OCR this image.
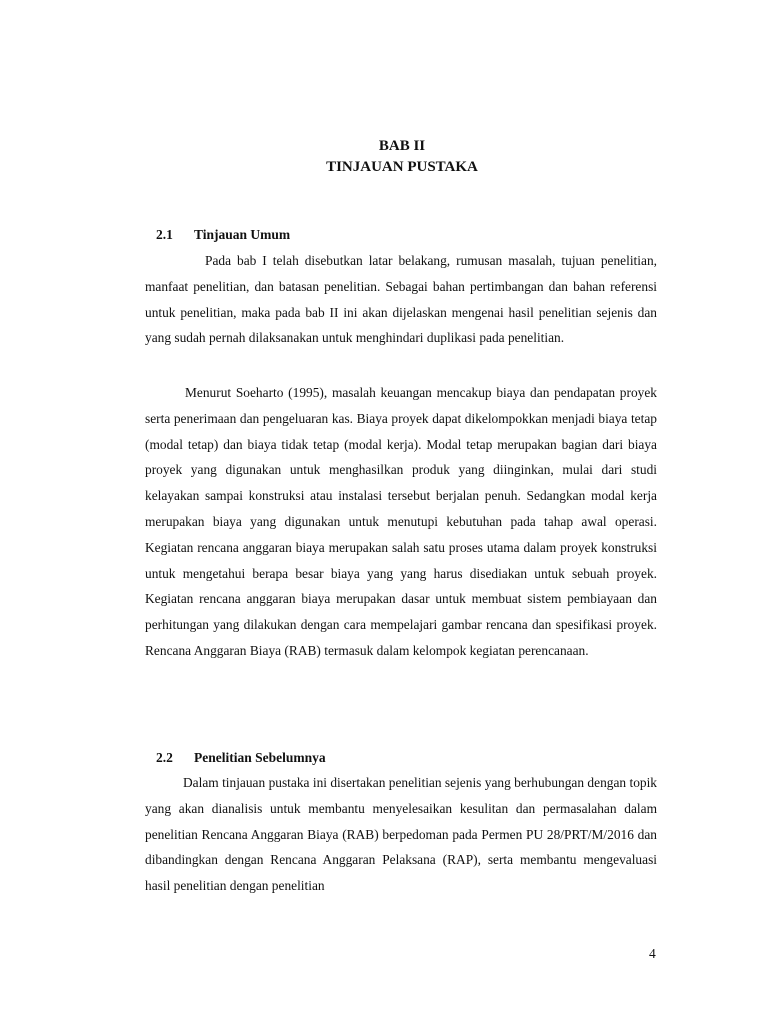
BAB II
TINJAUAN PUSTAKA
2.1 Tinjauan Umum

Pada bab I telah disebutkan latar belakang, rumusan masalah, tujuan penelitian, manfaat penelitian, dan batasan penelitian. Sebagai bahan pertimbangan dan bahan referensi untuk penelitian, maka pada bab II ini akan dijelaskan mengenai hasil penelitian sejenis dan yang sudah pernah dilaksanakan untuk menghindari duplikasi pada penelitian.

Menurut Soeharto (1995), masalah keuangan mencakup biaya dan pendapatan proyek serta penerimaan dan pengeluaran kas. Biaya proyek dapat dikelompokkan menjadi biaya tetap (modal tetap) dan biaya tidak tetap (modal kerja). Modal tetap merupakan bagian dari biaya proyek yang digunakan untuk menghasilkan produk yang diinginkan, mulai dari studi kelayakan sampai konstruksi atau instalasi tersebut berjalan penuh. Sedangkan modal kerja merupakan biaya yang digunakan untuk menutupi kebutuhan pada tahap awal operasi. Kegiatan rencana anggaran biaya merupakan salah satu proses utama dalam proyek konstruksi untuk mengetahui berapa besar biaya yang yang harus disediakan untuk sebuah proyek. Kegiatan rencana anggaran biaya merupakan dasar untuk membuat sistem pembiayaan dan perhitungan yang dilakukan dengan cara mempelajari gambar rencana dan spesifikasi proyek. Rencana Anggaran Biaya (RAB) termasuk dalam kelompok kegiatan perencanaan.

2.2 Penelitian Sebelumnya

Dalam tinjauan pustaka ini disertakan penelitian sejenis yang berhubungan dengan topik yang akan dianalisis untuk membantu menyelesaikan kesulitan dan permasalahan dalam penelitian Rencana Anggaran Biaya (RAB) berpedoman pada Permen PU 28/PRT/M/2016 dan dibandingkan dengan Rencana Anggaran Pelaksana (RAP), serta membantu mengevaluasi hasil penelitian dengan penelitian

4
